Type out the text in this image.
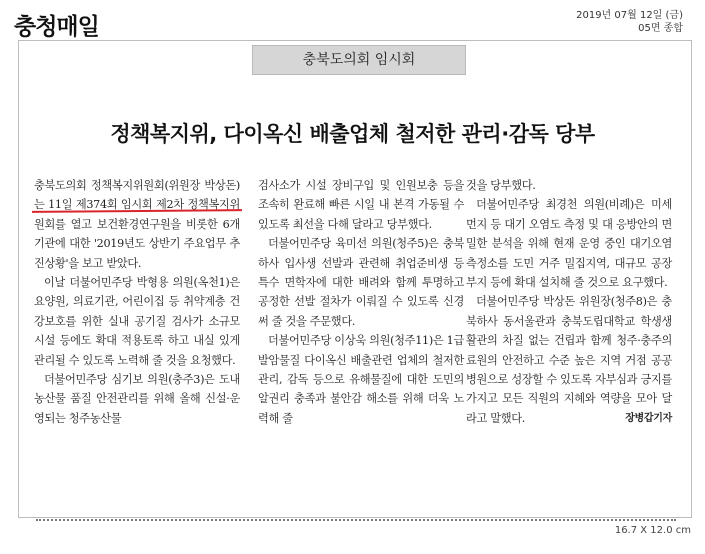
충청매일	2019년 07월 12일 (금)
05면 종합
충북도의회 임시회
정책복지위, 다이옥신 배출업체 철저한 관리·감독 당부

충북도의회 정책복지위원회(위원장 박상돈)는 11일 제374회 임시회 제2차 정책복지위원회를 열고 보건환경연구원을 비롯한 6개 기관에 대한 '2019년도 상반기 주요업무 추진상황'을 보고 받았다.

이날 더불어민주당 박형용 의원(옥천1)은 요양원, 의료기관, 어린이집 등 취약계층 건강보호를 위한 실내 공기질 검사가 소규모 시설 등에도 확대 적용토록 하고 내실 있게 관리될 수 있도록 노력해 줄 것을 요청했다.

더불어민주당 심기보 의원(충주3)은 도내 농산물 품질 안전관리를 위해 올해 신설·운영되는 청주농산물

검사소가 시설 장비구입 및 인원보충 등을 조속히 완료해 빠른 시일 내 본격 가동될 수 있도록 최선을 다해 달라고 당부했다.

더불어민주당 육미선 의원(청주5)은 충북하사 입사생 선발과 관련해 취업준비생 등 특수 면학자에 대한 배려와 함께 투명하고 공정한 선발 절차가 이뤄질 수 있도록 신경 써 줄 것을 주문했다.

더불어민주당 이상욱 의원(청주11)은 1급 발암물질 다이옥신 배출관련 업체의 철저한 관리, 감독 등으로 유해물질에 대한 도민의 알권리 충족과 불안감 해소를 위해 더욱 노력해 줄

것을 당부했다.

더불어민주당 최경천 의원(비례)은 미세먼지 등 대기 오염도 측정 및 대 응방안의 면밀한 분석을 위해 현재 운영 중인 대기오염 측정소를 도민 거주 밀집지역, 대규모 공장부지 등에 확대 설치해 줄 것으로 요구했다.

더불어민주당 박상돈 위원장(청주8)은 충북하사 동서울관과 충북도립대학교 학생생활관의 차질 없는 건립과 함께 청주·충주의료원의 안전하고 수준 높은 지역 거점 공공병원으로 성장할 수 있도록 자부심과 긍지를 가지고 모든 직원의 지혜와 역량을 모아 달라고 말했다.	장병갑기자

16.7 X 12.0 cm
